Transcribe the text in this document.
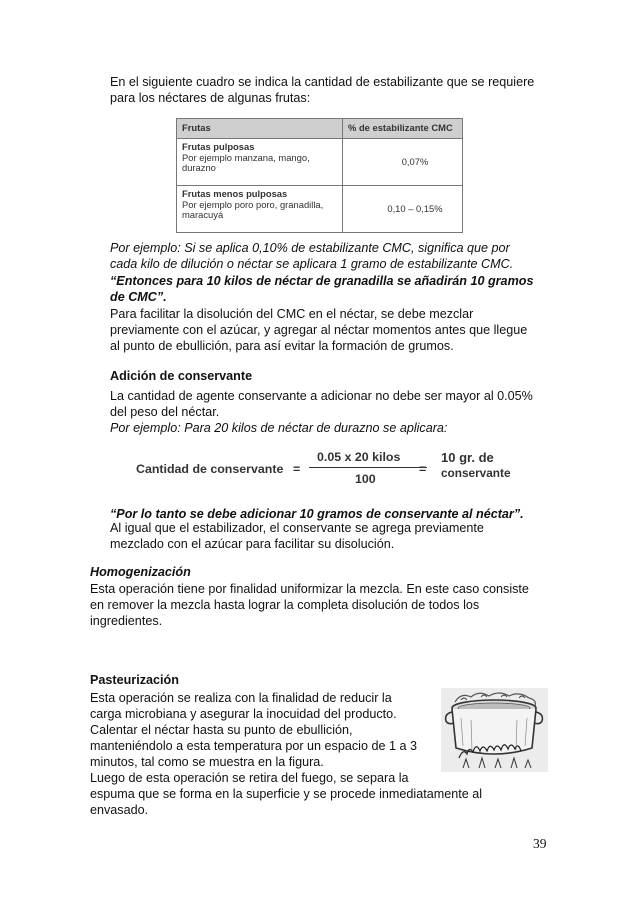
En el siguiente cuadro se indica la cantidad de estabilizante que se requiere
para los néctares de algunas frutas:
Frutas	% de estabilizante CMC

Frutas pulposas
Por ejemplo manzana, mango,
durazno	0,07%

Frutas menos pulposas
Por ejemplo poro poro, granadilla,
maracuyá	0,10 – 0,15%
Por ejemplo: Si se aplica 0,10% de estabilizante CMC, significa que por
cada kilo de dilución o néctar se aplicara 1 gramo de estabilizante CMC.
“Entonces para 10 kilos de néctar de granadilla se añadirán 10 gramos
de CMC”.
Para facilitar la disolución del CMC en el néctar, se debe mezclar
previamente con el azúcar, y agregar al néctar momentos antes que llegue
al punto de ebullición, para así evitar la formación de grumos.
Adición de conservante
La cantidad de agente conservante a adicionar no debe ser mayor al 0.05%
del peso del néctar.
Por ejemplo: Para 20 kilos de néctar de durazno se aplicara:
Cantidad de conservante =
0.05 x 20 kilos
100
=
10 gr. de
conservante
“Por lo tanto se debe adicionar 10 gramos de conservante al néctar”.
Al igual que el estabilizador, el conservante se agrega previamente
mezclado con el azúcar para facilitar su disolución.
Homogenización
Esta operación tiene por finalidad uniformizar la mezcla. En este caso consiste
en remover la mezcla hasta lograr la completa disolución de todos los
ingredientes.
Pasteurización
Esta operación se realiza con la finalidad de reducir la
carga microbiana y asegurar la inocuidad del producto.
Calentar el néctar hasta su punto de ebullición,
manteniéndolo a esta temperatura por un espacio de 1 a 3
minutos, tal como se muestra en la figura.
Luego de esta operación se retira del fuego, se separa la
espuma que se forma en la superficie y se procede inmediatamente al
envasado.
39
